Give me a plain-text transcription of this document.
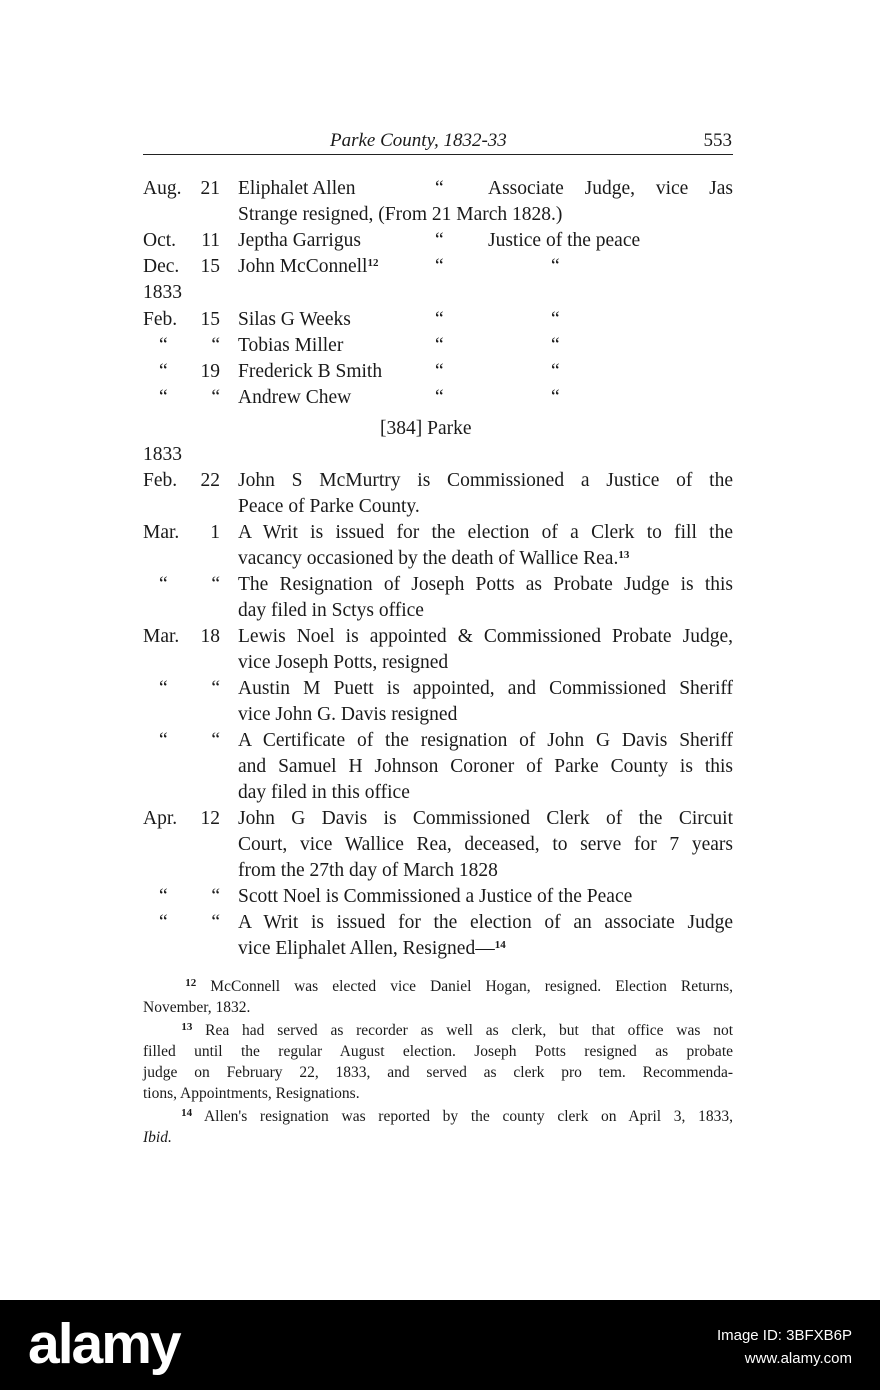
Parke County, 1832-33	553
Aug. 21 Eliphalet Allen	“ Associate Judge, vice Jas
Strange resigned, (From 21 March 1828.)
Oct.	11 Jeptha Garrigus	“ Justice of the peace
Dec. 15 John McConnell$^{12}$	“	“
1833
Feb. 15 Silas G Weeks	“	“
“	“ Tobias Miller	“	“
“ 19 Frederick B Smith	“	“
“	“ Andrew Chew	“	“
[384] Parke
1833
Feb. 22 John S McMurtry is Commissioned a Justice of the
Peace of Parke County.
Mar.	1 A Writ is issued for the election of a Clerk to fill the
vacancy occasioned by the death of Wallice Rea.$^{13}$
“	“ The Resignation of Joseph Potts as Probate Judge is this
day filed in Sctys office
Mar. 18 Lewis Noel is appointed & Commissioned Probate Judge,
vice Joseph Potts, resigned
“	“ Austin M Puett is appointed, and Commissioned Sheriff
vice John G. Davis resigned
“	“ A Certificate of the resignation of John G Davis Sheriff
and Samuel H Johnson Coroner of Parke County is this
day filed in this office
Apr. 12 John G Davis is Commissioned Clerk of the Circuit
Court, vice Wallice Rea, deceased, to serve for 7 years
from the 27th day of March 1828
“	“ Scott Noel is Commissioned a Justice of the Peace
“	“ A Writ is issued for the election of an associate Judge
vice Eliphalet Allen, Resigned—$^{14}$
$^{12}$ McConnell was elected vice Daniel Hogan, resigned. Election Returns,
November, 1832.
$^{13}$ Rea had served as recorder as well as clerk, but that office was not
filled until the regular August election. Joseph Potts resigned as probate
judge on February 22, 1833, and served as clerk pro tem. Recommenda-
tions, Appointments, Resignations.
$^{14}$ Allen's resignation was reported by the county clerk on April 3, 1833,
Ibid.
alamy	Image ID: 3BFXB6P
www.alamy.com
